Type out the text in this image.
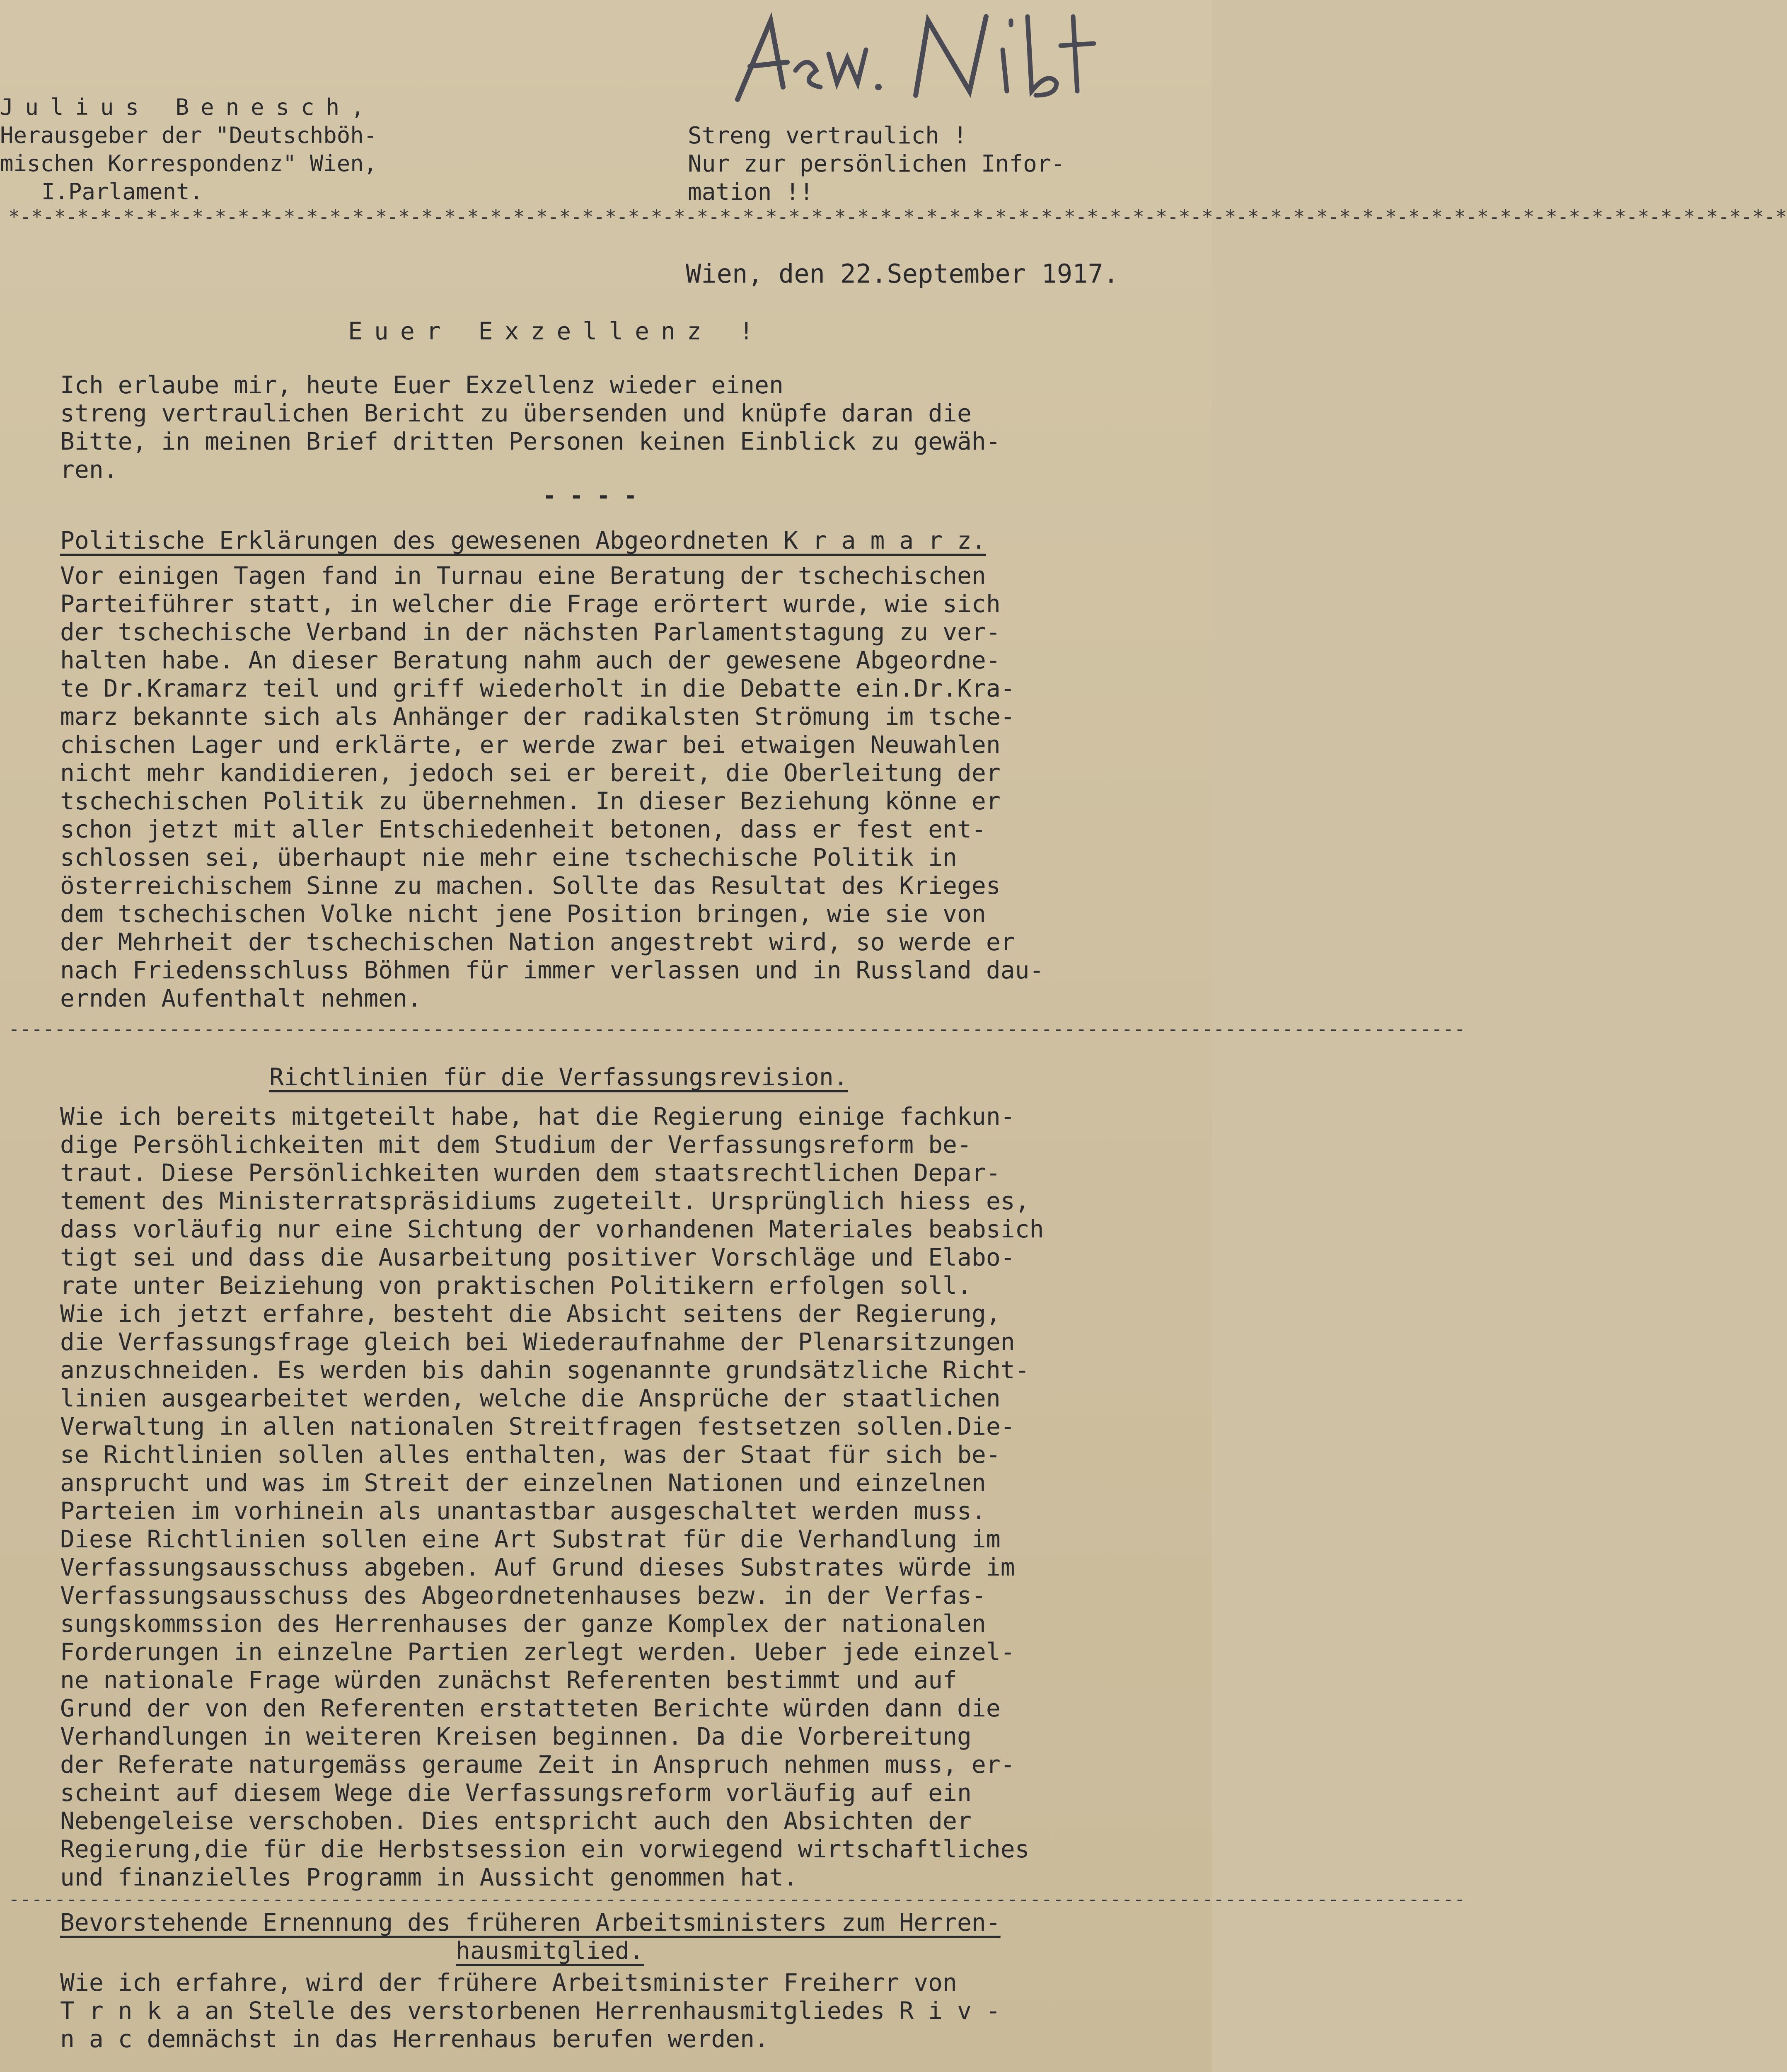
Julius Benesch,
Herausgeber der "Deutschböh-
mischen Korrespondenz" Wien,
I.Parlament.
Streng vertraulich !
Nur zur persönlichen Infor-
mation !!
*-*-*-*-*-*-*-*-*-*-*-*-*-*-*-*-*-*-*-*-*-*-*-*-*-*-*-*-*-*-*-*-*-*-*-*-*-*-*-*-*-*-*-*-*-*-*-*-*-*-*-*-*-*-*-*-*-*-*-*-*-*-*-*-*-*-*-*-*-*-*-*-*-*-*-*-*-*
Wien, den 22.September 1917.
Euer Exzellenz !
Ich erlaube mir, heute Euer Exzellenz wieder einen
streng vertraulichen Bericht zu übersenden und knüpfe daran die
Bitte, in meinen Brief dritten Personen keinen Einblick zu gewäh-
ren.
- - - -
Politische Erklärungen des gewesenen Abgeordneten K r a m a r z.
Vor einigen Tagen fand in Turnau eine Beratung der tschechischen
Parteiführer statt, in welcher die Frage erörtert wurde, wie sich
der tschechische Verband in der nächsten Parlamentstagung zu ver-
halten habe. An dieser Beratung nahm auch der gewesene Abgeordne-
te Dr.Kramarz teil und griff wiederholt in die Debatte ein.Dr.Kra-
marz bekannte sich als Anhänger der radikalsten Strömung im tsche-
chischen Lager und erklärte, er werde zwar bei etwaigen Neuwahlen
nicht mehr kandidieren, jedoch sei er bereit, die Oberleitung der
tschechischen Politik zu übernehmen. In dieser Beziehung könne er
schon jetzt mit aller Entschiedenheit betonen, dass er fest ent-
schlossen sei, überhaupt nie mehr eine tschechische Politik in
österreichischem Sinne zu machen. Sollte das Resultat des Krieges
dem tschechischen Volke nicht jene Position bringen, wie sie von
der Mehrheit der tschechischen Nation angestrebt wird, so werde er
nach Friedensschluss Böhmen für immer verlassen und in Russland dau-
ernden Aufenthalt nehmen.
-------------------------------------------------------------------------------------------------------------------------------
Richtlinien für die Verfassungsrevision.
Wie ich bereits mitgeteilt habe, hat die Regierung einige fachkun-
dige Persöhlichkeiten mit dem Studium der Verfassungsreform be-
traut. Diese Persönlichkeiten wurden dem staatsrechtlichen Depar-
tement des Ministerratspräsidiums zugeteilt. Ursprünglich hiess es,
dass vorläufig nur eine Sichtung der vorhandenen Materiales beabsich
tigt sei und dass die Ausarbeitung positiver Vorschläge und Elabo-
rate unter Beiziehung von praktischen Politikern erfolgen soll.
Wie ich jetzt erfahre, besteht die Absicht seitens der Regierung,
die Verfassungsfrage gleich bei Wiederaufnahme der Plenarsitzungen
anzuschneiden. Es werden bis dahin sogenannte grundsätzliche Richt-
linien ausgearbeitet werden, welche die Ansprüche der staatlichen
Verwaltung in allen nationalen Streitfragen festsetzen sollen.Die-
se Richtlinien sollen alles enthalten, was der Staat für sich be-
ansprucht und was im Streit der einzelnen Nationen und einzelnen
Parteien im vorhinein als unantastbar ausgeschaltet werden muss.
Diese Richtlinien sollen eine Art Substrat für die Verhandlung im
Verfassungsausschuss abgeben. Auf Grund dieses Substrates würde im
Verfassungsausschuss des Abgeordnetenhauses bezw. in der Verfas-
sungskommssion des Herrenhauses der ganze Komplex der nationalen
Forderungen in einzelne Partien zerlegt werden. Ueber jede einzel-
ne nationale Frage würden zunächst Referenten bestimmt und auf
Grund der von den Referenten erstatteten Berichte würden dann die
Verhandlungen in weiteren Kreisen beginnen. Da die Vorbereitung
der Referate naturgemäss geraume Zeit in Anspruch nehmen muss, er-
scheint auf diesem Wege die Verfassungsreform vorläufig auf ein
Nebengeleise verschoben. Dies entspricht auch den Absichten der
Regierung,die für die Herbstsession ein vorwiegend wirtschaftliches
und finanzielles Programm in Aussicht genommen hat.
-------------------------------------------------------------------------------------------------------------------------------
Bevorstehende Ernennung des früheren Arbeitsministers zum Herren-
hausmitglied.
Wie ich erfahre, wird der frühere Arbeitsminister Freiherr von
T r n k a an Stelle des verstorbenen Herrenhausmitgliedes R i v -
n a c demnächst in das Herrenhaus berufen werden.
